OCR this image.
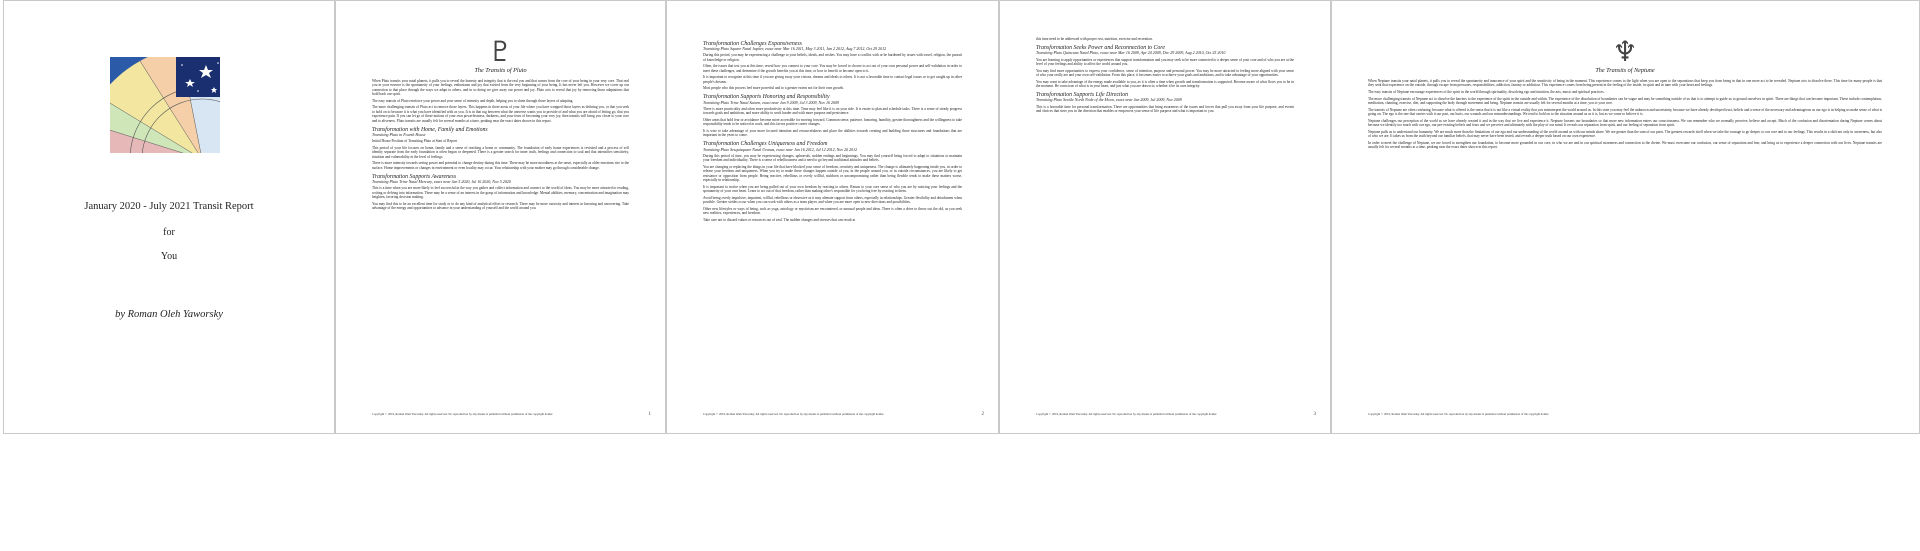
January 2020 - July 2021 Transit Report
for
You
by Roman Oleh Yaworsky
♇
The Transits of Pluto

When Pluto transits your natal planets, it pulls you to reveal the honesty and integrity that is the real you and that comes from the core of your being in your very core. That real you in your essence is the spontaneity of your feelings, enthusiasm and joy that existed from the very beginning of your being. It has never left you. However we cover up our connection to that place through the ways we adapt to others, and in so doing we give away our power and joy. Pluto acts to reveal that joy by removing those adaptations that hold back our spirit.

The easy transits of Pluto reinforce your power and your sense of intensity and depth, helping you to shine through those layers of adapting.

The more challenging transits of Pluto act to remove those layers. This happens in those areas of your life where you have wrapped those layers as defining you, or that you seek to hold on to because it is what you have identified with as you. It is in that tug between what the universe wants you to provide of and what you are afraid of letting go, that you experience pain. If you can let go of those notions of your own powerlessness, darkness, and your fears of becoming your very joy, then transits will bring you closer to your core and to aliveness. Pluto transits are usually felt for several months at a time, peaking near the exact dates shown in this report.

Transformation with Home, Family and Emotions

Transiting Pluto in Fourth House

Initial House Position of Transiting Pluto at Start of Report

This period of your life focuses on home, family and a sense of reaching a home or community. The foundation of early home experiences is revisited and a process of self identity separate from the early foundation is often begun or deepened. There is a greater search for inner truth, feelings and connection to soul and that intensifies sensitivity, intuition and vulnerability at the level of feelings.

There is more intensity towards seeing power and potential to change destiny during this time. There may be more moodiness at the onset, especially as older emotions rise to the surface. Home improvements or changes in environment or even locality may occur. Your relationship with your mother may go through considerable change.

Transformation Supports Awareness

Transiting Pluto Trine Natal Mercury, exact near Jan 5 2020, Jul 16 2020, Nov 5 2020

This is a time when you are more likely to feel successful in the way you gather and collect information and connect to the world of ideas. You may be more attracted to reading, writing or delving into information. There may be a sense of an interest in the grasp of information and knowledge. Mental abilities, memory, concentration and imagination may heighten, favoring decision making.

You may find this to be an excellent time for study or to do any kind of analytical effort or research. There may be more curiosity and interest in knowing and uncovering. Take advantage of the energy and opportunities to advance in your understanding of yourself and the world around you.

Copyright © 2019, Roman Oleh Yaworsky. All rights reserved. No reproduction by any means is permitted without permission of the copyright holder.	1

Transformation Challenges Expansiveness

Transiting Pluto Square Natal Jupiter, exact near Mar 16 2011, May 3 2011, Jan 2 2012, Aug 7 2012, Oct 29 2012

During this period, you may be experiencing a challenge to your beliefs, ideals, and wishes. You may have a conflict with or be burdened by issues with travel, religion, the pursuit of knowledge or religion.

Often, the issues that test you at this time, reveal how you connect to your core. You may be forced to choose to act out of your own personal power and self-validation in order to meet these challenges, and determine if the growth benefits you at this time, or how to benefit or become open to it.

It is important to recognize at this time if you are giving away your visions, dreams and ideals to others. It is not a favorable time to contact legal issues or to get caught up in other people's dreams.

Most people who this process feel more powerful and to a greater extent not for their own growth.

Transformation Supports Honoring and Responsibility

Transiting Pluto Trine Natal Saturn, exact near Jan 9 2009, Jul 3 2009, Nov 16 2009

There is more practicality and often more productivity at this time. Time may feel like it is on your side. It is easier to plan and schedule tasks. There is a sense of steady progress towards goals and ambitions, and more ability to work harder and with more purpose and persistence.

Other areas that hold fear or avoidance become more accessible for moving forward. Common sense, patience, honoring, humility, greater thoroughness and the willingness to take responsibility tends to be noticed at work, and this favors positive career changes.

It is wise to take advantage of your more focused intention and resourcefulness and place the abilities towards creating and building those structures and foundations that are important in the years to come.

Transformation Challenges Uniqueness and Freedom

Transiting Pluto Sesquisquare Natal Uranus, exact near Jan 16 2012, Jul 12 2012, Nov 20 2012

During this period of time, you may be experiencing changes, upheavals, sudden endings and beginnings. You may find yourself being forced to adapt to situations to maintain your freedom and individuality. There is a sense of rebelliousness and a need to go beyond traditional attitudes and beliefs.

You are changing or replacing the things in your life that have blocked your sense of freedom, creativity and uniqueness. The change is ultimately happening inside you, in order to release your freedom and uniqueness. When you try to make these changes happen outside of you, in the people around you, or in outside circumstances, you are likely to get resistance or opposition from people. Being reactive, rebellious or overly willful, stubborn or uncompromising rather than being flexible tends to make these matters worse, especially in relationship.

It is important to notice when you are being pulled out of your own freedom by reacting to others. Return to your core sense of who you are by noticing your feelings and the spontaneity of your own heart. Learn to act out of that freedom, rather than making other's responsible for you being free by reacting to them.

Avoid being overly impulsive, impatient, willful, rebellious or obsessive as it may alienate support from others, especially in relationships. Greater flexibility and detachment when possible. Greater strides occur when you can work with others as a team player, and when you are more open to new directions and possibilities.

Other new lifestyles or ways of being, such as yoga, astrology or mysticism are encountered, or unusual people and ideas. There is often a drive to throw out the old, as you seek new realities, experiences, and freedom.

Take care not to discard values or resources out of zeal. The sudden changes and stresses that can result at

Copyright © 2019, Roman Oleh Yaworsky. All rights reserved. No reproduction by any means is permitted without permission of the copyright holder.	2

this time need to be addressed with proper rest, nutrition, exercise and recreation.

Transformation Seeks Power and Reconnection to Core

Transiting Pluto Quincunx Natal Pluto, exact near Mar 16 2009, Apr 24 2009, Dec 29 2009, Aug 2 2010, Oct 25 2010

You are learning to apply opportunities or experiences that support transformation and you may seek to be more connected to a deeper sense of your core and of who you are at the level of your feelings and ability to affect the world around you.

You may find more opportunities to express your confidence, sense of intention, purpose and personal power. You may be more attracted to feeling more aligned with your sense of who your really are and your own self-validation. From this place, it becomes easier to achieve your goals and ambitions, and to take advantage of your opportunities.

You may want to take advantage of the energy made available to you, as it is often a time when growth and transformation is supported. Become aware of what flows you to be in the moment. Be conscious of what is in your heart, and just what you are drawn to, whether it be its own integrity.

Transformation Supports Life Direction

Transiting Pluto Sextile North Node of the Moon, exact near Jan 2009, Jul 2009, Nov 2009

This is a favorable time for personal transformation. There are opportunities that bring awareness of the issues and forces that pull you away from your life purpose, and events and choices that steer you in the direction that enables or empowers your sense of life purpose and what is important to you.

Copyright © 2019, Roman Oleh Yaworsky. All rights reserved. No reproduction by any means is permitted without permission of the copyright holder.	3
♆
The Transits of Neptune

When Neptune transits your natal planets, it pulls you to reveal the spontaneity and innocence of your spirit and the sensitivity of being in the moment. This experience comes to the light when you are open to the separations that keep you from being in that in one more act to be revealed. Neptune acts to dissolve these. This time for many people is that they seek that experience on the outside, through escape from pressures, responsibilities, addiction, fantasy or addiction. This experience comes from being present in the feeling of the inside, in spirit and in tune with your heart and feelings.

The easy transits of Neptune encourage experiences of the spirit in the world through spirituality, dissolving ego and intuition, the arts, music and spiritual practices.

The more challenging transits of Neptune act to dissolve the barriers to the experience of the spirit in the outside and within. The experience of the dissolution of boundaries can be vague and may be something outside of us that is to attempt to guide us to ground ourselves in spirit. There are things that can become important. These include contemplation, meditation, chanting, exercise, diet, and supporting the body through movement and being. Neptune transits are usually felt for several months at a time; you to your core.

The transits of Neptune are often confusing, because what is offered is the sense that it is not like a virtual reality that you misinterpret the world around us. In this state you may feel the unknown and uncertainty, because we have already developed trust, beliefs and a sense of the necessary and advantageous as our ego is in helping us make sense of what is going on. The ego is the one that carries with it our past, our hurts, our wounds and our misunderstandings. We tend to hold on to the situation around us as it is, but as we come to believe it is.

Neptune challenges our perception of the world as we have already created it and in the way that we live and experience it. Neptune loosens our boundaries so that more new information enters our consciousness. We can remember who we normally perceive, believe and accept. Much of the confusion and disorientation during Neptune comes about because we identify too much with our ego, our pre-existing beliefs and fears and we perceive and ultimately with the play of our mind. It reveals our separation from spirit, and our feeling of separation from spirit.

Neptune pulls us to understand our humanity. We are much more than the limitations of our ego and our understanding of the world around us with our minds alone. We are greater than the sum of our parts. The greatest rewards itself when we take the courage to go deeper, to our core and to our feelings. This results in a shift not only in awareness, but also of who we are. It takes us from the truth beyond our familiar beliefs, that may never have been tested, and reveals a deeper truth based on our own experience.

In order to meet the challenge of Neptune, we are forced to strengthen our foundation, to become more grounded in our core, in who we are and in our spiritual awareness and connection to the divine. We must overcome our confusion, our sense of separation and fear, and bring us to experience a deeper connection with our lives. Neptune transits are usually felt for several months at a time, peaking near the exact dates shown in this report.

Copyright © 2019, Roman Oleh Yaworsky. All rights reserved. No reproduction by any means is permitted without permission of the copyright holder.
